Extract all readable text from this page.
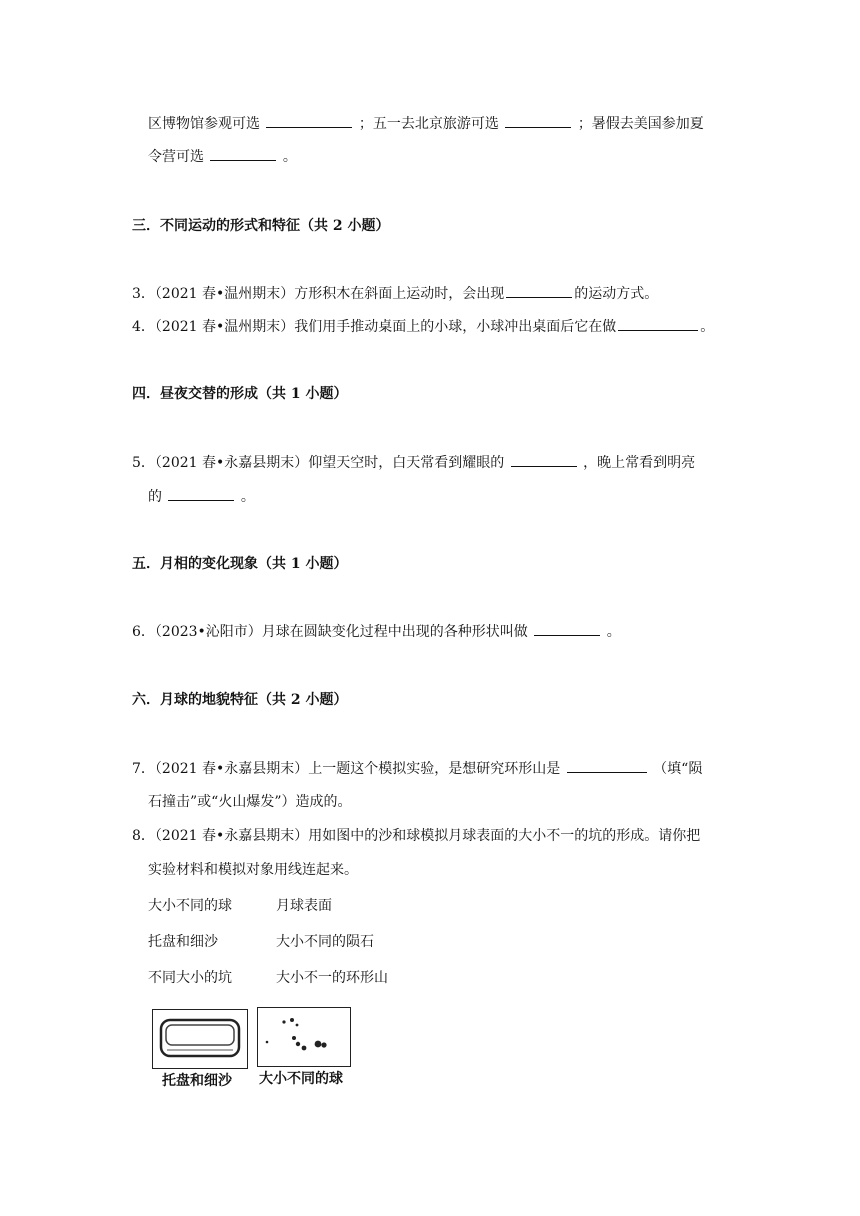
区博物馆参观可选	；五一去北京旅游可选	；暑假去美国参加夏
令营可选	。
三．不同运动的形式和特征（共 2 小题）
3．（2021 春•温州期末）方形积木在斜面上运动时，会出现	的运动方式。
4．（2021 春•温州期末）我们用手推动桌面上的小球，小球冲出桌面后它在做	。
四．昼夜交替的形成（共 1 小题）
5．（2021 春•永嘉县期末）仰望天空时，白天常看到耀眼的	，晚上常看到明亮
的	。
五．月相的变化现象（共 1 小题）
6．（2023•沁阳市）月球在圆缺变化过程中出现的各种形状叫做	。
六．月球的地貌特征（共 2 小题）
7．（2021 春•永嘉县期末）上一题这个模拟实验，是想研究环形山是	（填“陨
石撞击”或“火山爆发”）造成的。
8．（2021 春•永嘉县期末）用如图中的沙和球模拟月球表面的大小不一的坑的形成。请你把
实验材料和模拟对象用线连起来。
大小不同的球	月球表面
托盘和细沙	大小不同的陨石
不同大小的坑	大小不一的环形山
托盘和细沙 大小不同的球
